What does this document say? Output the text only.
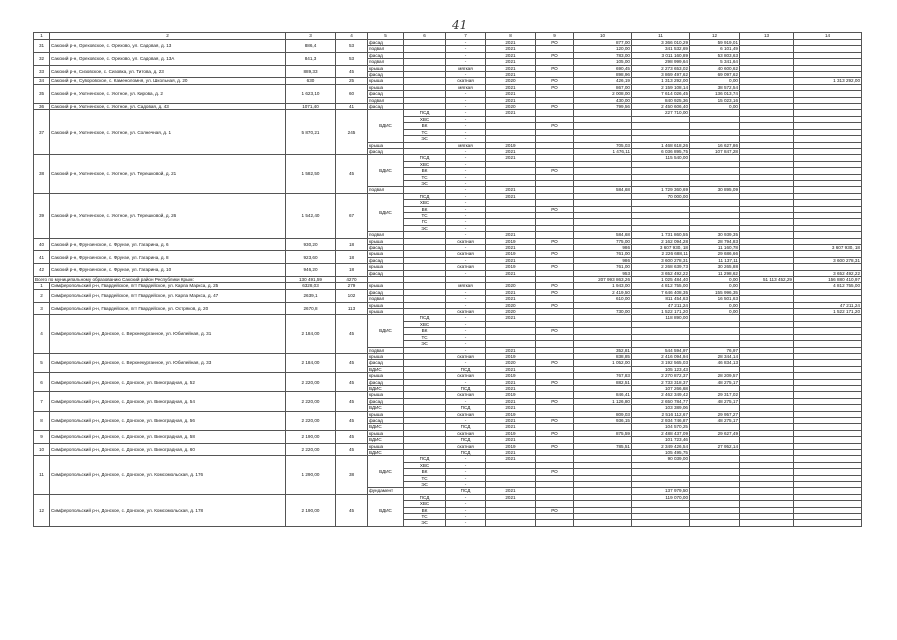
41
1	2	3	4	5	6	7	8	9	10	11	12	13	14	
31	Сакский р-н, Ореховское, с. Орехово, ул. Садовая, д. 13	886,4	53	фасад		-	2021	РО	877,00	3 366 010,29	59 919,01			
				подвал		-	2021		120,00	341 532,69	6 101,49			
32	Сакский р-н, Ореховское, с. Орехово, ул. Садовая, д. 13А	841,3	53	фасад		-	2021	РО	783,00	3 011 160,89	53 803,63			
				подвал		-	2021		105,00	298 999,64	5 341,64			
33	Сакский р-н, Сизовское, с. Сизовка, ул. Титова, д. 23	889,33	45	крыша		мягкая	2021	РО	690,45	2 273 653,02	40 600,62			
				фасад		-	2021		898,96	3 869 497,62	69 097,62			
34	Сакский р-н, Суворовское, с. Каменоломня, ул. Школьная, д. 20	630	25	крыша		скатная	2020	РО	426,19	1 313 292,00	0,00		1 313 292,00	
35	Сакский р-н, Уютненское, с. Уютное, ул. Кирова, д. 2	1 623,10	60	крыша		мягкая	2021	РО	867,00	2 159 108,14	38 572,54			
				фасад		-	2021		2 008,00	7 614 026,45	136 013,74			
				подвал		-	2021		430,00	840 925,36	15 023,16			
36	Сакский р-н, Уютненское, с. Уютное, ул. Садовая, д. 43	1071,40	41	фасад		-	2020	РО	799,56	2 450 606,40	0,00			
37	Сакский р-н, Уютненское, с. Уютное, ул. Солнечная, д. 1	5 870,21	245	ВДИС	ПСД	-	2021			227 710,00				
					ХВС	-								
					ВК	-		РО						
					ТС	-								
					ЭС	-								
				крыша		мягкая	2019		705,03	1 468 618,26	16 627,86			
				фасад		-	2021		1 476,11	6 036 895,75	107 847,28			
38	Сакский р-н, Уютненское, с. Уютное, ул. Терешковой, д. 21	1 582,50	45	ВДИС	ПСД	-	2021			115 540,00				
					ХВС	-								
					ВК	-		РО						
					ТС	-								
					ЭС	-								
				подвал		-	2021		584,68	1 729 360,69	30 895,09			
39	Сакский р-н, Уютненское, с. Уютное, ул. Терешковой, д. 26	1 542,40	67	ВДИС	ПСД	-	2021			70 000,00				
					ХВС	-								
					ВК	-		РО						
					ТС	-								
					ГС	-								
					ЭС	-								
				подвал		-	2021		584,68	1 731 860,55	30 939,35			
40	Сакский р-н, Фрунзенское, с. Фрунзе, ул. Гагарина, д. 6	930,20	18	крыша		скатная	2019	РО	775,00	2 162 094,28	28 794,83			
				фасад		-	2021		986	3 607 930, 18	11 160,78		3 607 930, 18	
41	Сакский р-н, Фрунзенское, с. Фрунзе, ул. Гагарина, д. 8	923,60	18	крыша		скатная	2019	РО	761,00	2 226 688,11	29 686,66			
				фасад		-	2021		986	3 600 278,31	11 137,11		3 600 278,31	
42	Сакский р-н, Фрунзенское, с. Фрунзе, ул. Гагарина, д. 10	946,20	18	крыша		скатная	2019	РО	761,00	2 268 639,73	30 265,88			
				фасад		-	2021		953	3 652 492,22	11 298,62		3 652 492,22	
Всего по муниципальному образованию Сакский район Республики Крым:		130 491,59	4270						207 993 863,26	1 025 484,40	0,00	51 113 452,29	156 880 410,97	
1	Симферопольский р-н, Гвардейское, пгт Гвардейское, ул. Карла Маркса, д. 25	6328,03	279	крыша		мягкая	2020	РО	1 943,00	4 812 755,00	0,00		4 812 755,00	
2	Симферопольский р-н, Гвардейское, пгт Гвардейское, ул. Карла Маркса, д. 47	2639,1	102	фасад		-	2021	РО	2 419,50	7 646 408,35	155 996,35			
				подвал		-	2021		610,00	811 454,63	16 501,63			
3	Симферопольский р-н, Гвардейское, пгт Гвардейское, ул. Остряков, д. 20	2670,8	113	крыша		-	2020	РО		47 211,24	0,00		47 211,24	
				крыша		скатная	2020		730,00	1 522 171,20	0,00		1 522 171,20	
4	Симферопольский р-н, Донское, с. Верхнекурганное, ул. Юбилейная, д. 31	2 184,00	45	ВДИС	ПСД	-	2021			118 890,00				
					ХВС	-								
					ВК	-		РО						
					ТС	-								
					ЭС	-								
				подвал		-	2021		352,81	544 594,97	76,97			
5	Симферопольский р-н, Донское, с. Верхнекурганное, ул. Юбилейная, д. 33	2 184,00	45	крыша		скатная	2019		838,85	2 416 094,94	28 344,14			
				фасад		-	2020	РО	1 052,00	3 192 565,03	46 834,13			
				ВДИС		ПСД	2021			105 123,43				
6	Симферопольский р-н, Донское, с. Донское, ул. Виноградная, д. 52	2 220,00	45	крыша		скатная	2019		767,83	2 270 872,37	28 209,57			
				фасад		-	2021	РО	882,51	2 733 318,37	48 275,17			
				ВДИС		ПСД	2021			107 266,68				
7	Симферопольский р-н, Донское, с. Донское, ул. Виноградная, д. 54	2 220,00	45	крыша		скатная	2019		846,41	2 462 349,42	29 317,02			
				фасад		-	2021	РО	1 126,80	2 650 784,77	48 275,17			
				ВДИС		ПСД	2021			103 389,06				
8	Симферопольский р-н, Донское, с. Донское, ул. Виноградная, д. 56	2 220,00	45	крыша		скатная	2019		809,03	2 516 112,67	29 957,27			
				фасад		-	2021	РО	936,15	2 934 746,87	48 275,17			
				ВДИС		ПСД	2021			104 570,25				
9	Симферопольский р-н, Донское, с. Донское, ул. Виноградная, д. 58	2 190,00	45	крыша		скатная	2019	РО	875,59	2 488 437,09	29 627,49			
				ВДИС		ПСД	2021			101 723,46				
10	Симферопольский р-н, Донское, с. Донское, ул. Виноградная, д. 60	2 220,00	45	крыша		скатная	2019	РО	785,51	2 349 426,54	27 952,14			
				ВДИС		ПСД	2021			105 495,75				
11	Симферопольский р-н, Донское, с. Донское, ул. Комсомольская, д. 176	1 290,00	38	ВДИС	ПСД	-	2021			90 039,00				
					ХВС	-								
					ВК	-		РО						
					ТС	-								
					ЭС	-								
				фундамент		ПСД	2021			137 979,50				
12	Симферопольский р-н, Донское, с. Донское, ул. Комсомольская, д. 178	2 190,00	45	ВДИС	ПСД	-	2021			119 070,00				
					ХВС	-								
					ВК	-		РО						
					ТС	-								
					ЭС	-								
